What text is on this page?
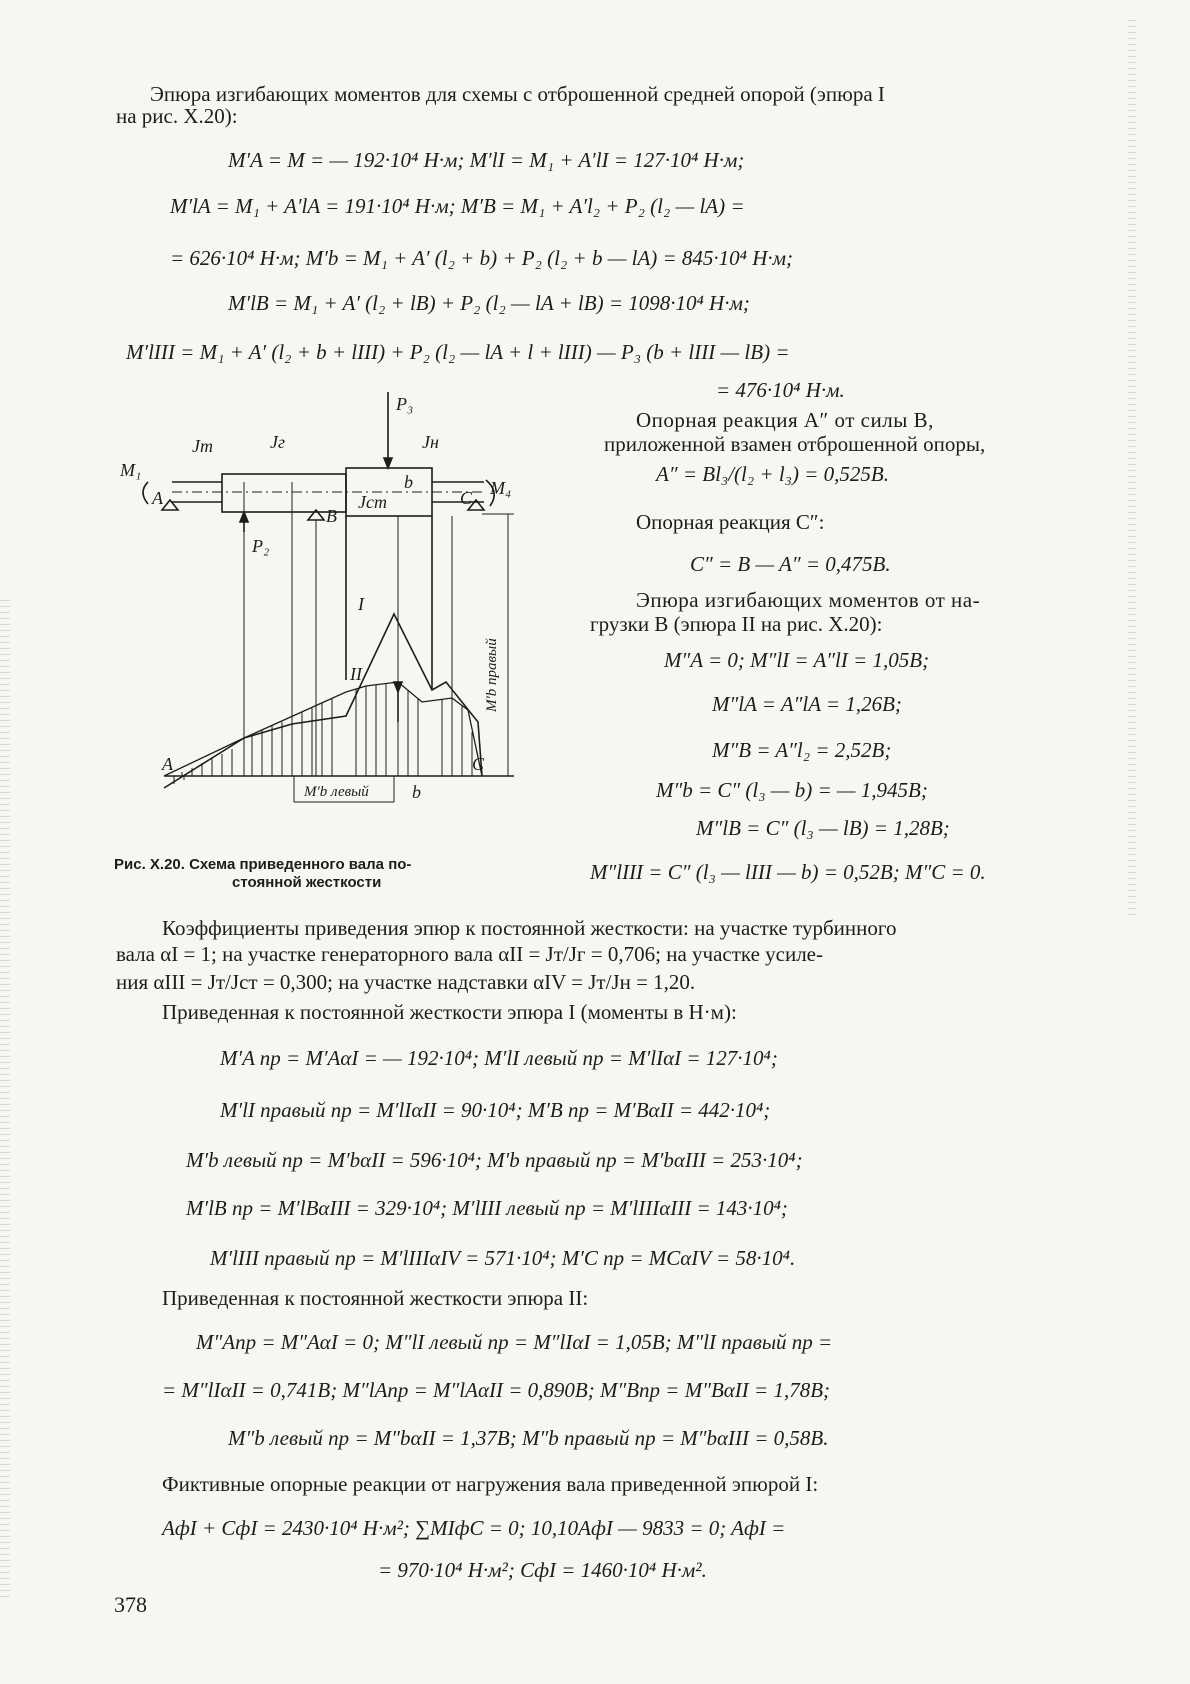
Эпюра изгибающих моментов для схемы с отброшенной средней опорой (эпюра I
на рис. X.20):
M′A = M = — 192·10⁴ Н·м; M′lI = M₁ + A′lI = 127·10⁴ Н·м;
M′lA = M₁ + A′lA = 191·10⁴ Н·м; M′B = M₁ + A′l₂ + P₂ (l₂ — lA) =
= 626·10⁴ Н·м; M′b = M₁ + A′ (l₂ + b) + P₂ (l₂ + b — lA) = 845·10⁴ Н·м;
M′lB = M₁ + A′ (l₂ + lB) + P₂ (l₂ — lA + lB) = 1098·10⁴ Н·м;
M′lIII = M₁ + A′ (l₂ + b + lIII) + P₂ (l₂ — lA + l + lIII) — P₃ (b + lIII — lB) =
= 476·10⁴ Н·м.
M₁
A
Jт	Jг
P₃
Jн
b
Jст	C M₄
B
P₂
I
II
A	C
b
M′b левый
M′b правый
Опорная реакция A″ от силы B,
приложенной взамен отброшенной опоры,
A″ = Bl₃/(l₂ + l₃) = 0,525B.
Опорная реакция C″:
C″ = B — A″ = 0,475B.
Эпюра изгибающих моментов от на-
грузки B (эпюра II на рис. X.20):
M″A = 0; M″lI = A″lI = 1,05B;
M″lA = A″lA = 1,26B;
M″B = A″l₂ = 2,52B;
M″b = C″ (l₃ — b) = — 1,945B;
M″lB = C″ (l₃ — lB) = 1,28B;
M″lIII = C″ (l₃ — lIII — b) = 0,52B; M″C = 0.
Рис. X.20. Схема приведенного вала по-
стоянной жесткости
Коэффициенты приведения эпюр к постоянной жесткости: на участке турбинного
вала αI = 1; на участке генераторного вала αII = Jт/Jг = 0,706; на участке усиле-
ния αIII = Jт/Jст = 0,300; на участке надставки αIV = Jт/Jн = 1,20.
Приведенная к постоянной жесткости эпюра I (моменты в Н·м):
M′A пр = M′AαI = — 192·10⁴; M′lI левый пр = M′lIαI = 127·10⁴;
M′lI правый пр = M′lIαII = 90·10⁴; M′B пр = M′BαII = 442·10⁴;
M′b левый пр = M′bαII = 596·10⁴; M′b правый пр = M′bαIII = 253·10⁴;
M′lB пр = M′lBαIII = 329·10⁴; M′lIII левый пр = M′lIIIαIII = 143·10⁴;
M′lIII правый пр = M′lIIIαIV = 571·10⁴; M′C пр = MCαIV = 58·10⁴.
Приведенная к постоянной жесткости эпюра II:
M″Aпр = M″AαI = 0; M″lI левый пр = M″lIαI = 1,05B; M″lI правый пр =
= M″lIαII = 0,741B; M″lAпр = M″lAαII = 0,890B; M″Bпр = M″BαII = 1,78B;
M″b левый пр = M″bαII = 1,37B; M″b правый пр = M″bαIII = 0,58B.
Фиктивные опорные реакции от нагружения вала приведенной эпюрой I:
AфI + CфI = 2430·10⁴ Н·м²; ∑MIфC = 0; 10,10AфI — 9833 = 0; AфI =
= 970·10⁴ Н·м²; CфI = 1460·10⁴ Н·м².
378
